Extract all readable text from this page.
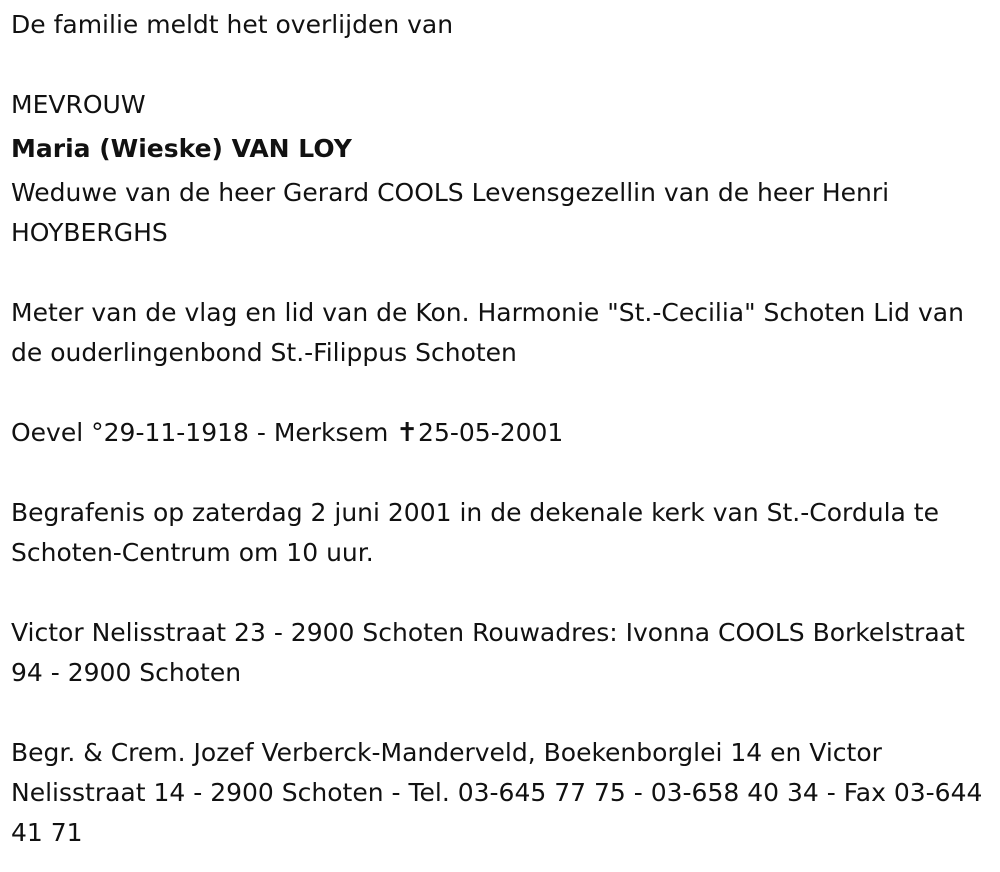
De familie meldt het overlijden van

MEVROUW

Maria (Wieske) VAN LOY

Weduwe van de heer Gerard COOLS Levensgezellin van de heer Henri HOYBERGHS

Meter van de vlag en lid van de Kon. Harmonie "St.-Cecilia" Schoten Lid van de ouderlingenbond St.-Filippus Schoten

Oevel °29-11-1918 - Merksem ✝25-05-2001

Begrafenis op zaterdag 2 juni 2001 in de dekenale kerk van St.-Cordula te Schoten-Centrum om 10 uur.

Victor Nelisstraat 23 - 2900 Schoten Rouwadres: Ivonna COOLS Borkelstraat 94 - 2900 Schoten

Begr. & Crem. Jozef Verberck-Manderveld, Boekenborglei 14 en Victor Nelisstraat 14 - 2900 Schoten - Tel. 03-645 77 75 - 03-658 40 34 - Fax 03-644 41 71
